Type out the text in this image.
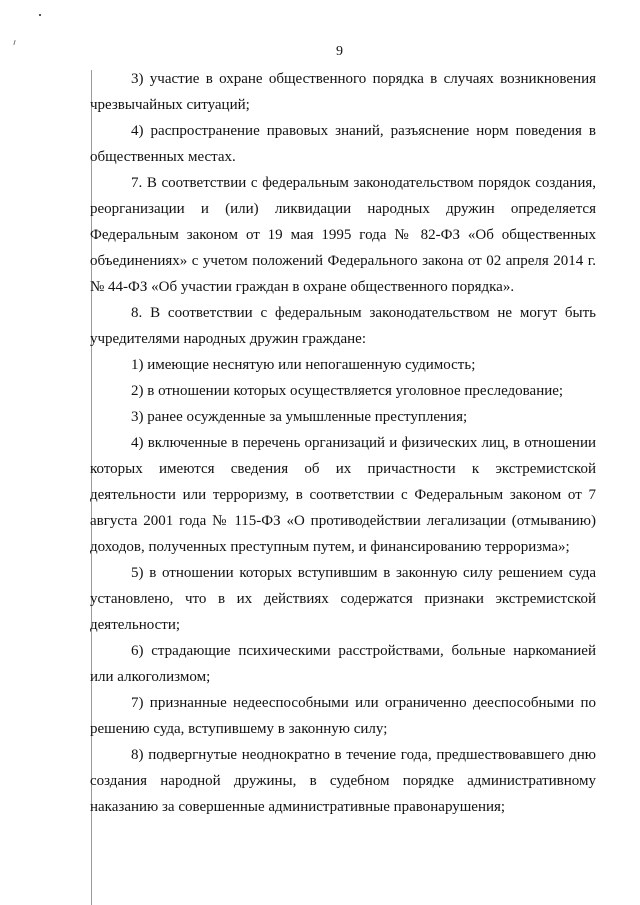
9

3) участие в охране общественного порядка в случаях возникновения чрезвычайных ситуаций;

4) распространение правовых знаний, разъяснение норм поведения в общественных местах.

7. В соответствии с федеральным законодательством порядок создания, реорганизации и (или) ликвидации народных дружин определяется Федеральным законом от 19 мая 1995 года № 82-ФЗ «Об общественных объединениях» с учетом положений Федерального закона от 02 апреля 2014 г. № 44-ФЗ «Об участии граждан в охране общественного порядка».

8. В соответствии с федеральным законодательством не могут быть учредителями народных дружин граждане:

1) имеющие неснятую или непогашенную судимость;

2) в отношении которых осуществляется уголовное преследование;

3) ранее осужденные за умышленные преступления;

4) включенные в перечень организаций и физических лиц, в отношении которых имеются сведения об их причастности к экстремистской деятельности или терроризму, в соответствии с Федеральным законом от 7 августа 2001 года № 115-ФЗ «О противодействии легализации (отмыванию) доходов, полученных преступным путем, и финансированию терроризма»;

5) в отношении которых вступившим в законную силу решением суда установлено, что в их действиях содержатся признаки экстремистской деятельности;

6) страдающие психическими расстройствами, больные наркоманией или алкоголизмом;

7) признанные недееспособными или ограниченно дееспособными по решению суда, вступившему в законную силу;

8) подвергнутые неоднократно в течение года, предшествовавшего дню создания народной дружины, в судебном порядке административному наказанию за совершенные административные правонарушения;
